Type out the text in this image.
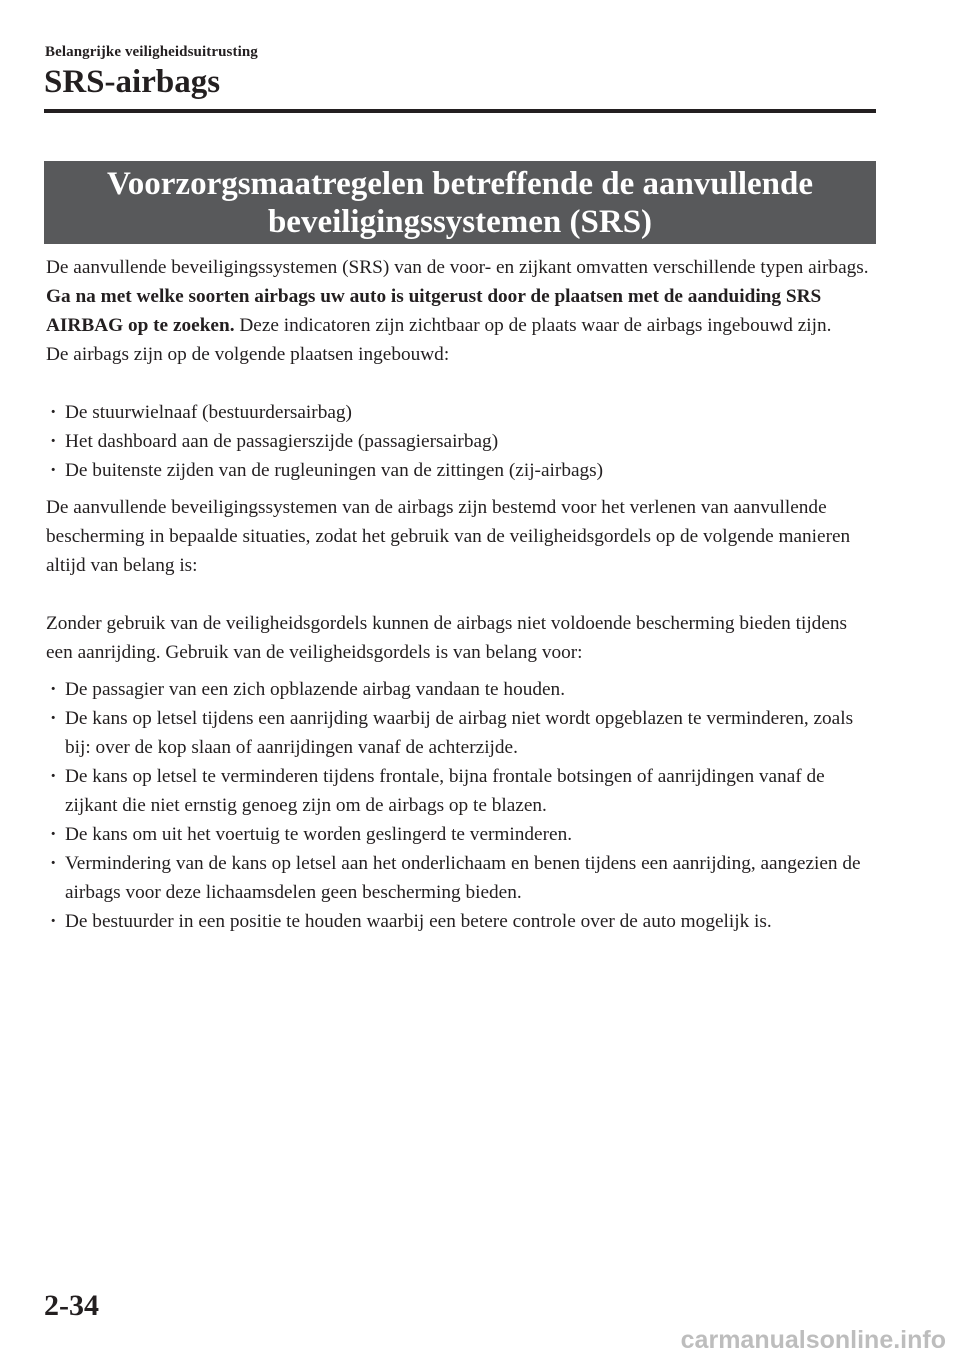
Belangrijke veiligheidsuitrusting
SRS-airbags
Voorzorgsmaatregelen betreffende de aanvullende
beveiligingssystemen (SRS)

De aanvullende beveiligingssystemen (SRS) van de voor- en zijkant omvatten verschillende typen airbags. Ga na met welke soorten airbags uw auto is uitgerust door de plaatsen met de aanduiding SRS AIRBAG op te zoeken. Deze indicatoren zijn zichtbaar op de plaats waar de airbags ingebouwd zijn.

De airbags zijn op de volgende plaatsen ingebouwd:

· De stuurwielnaaf (bestuurdersairbag)
· Het dashboard aan de passagierszijde (passagiersairbag)
· De buitenste zijden van de rugleuningen van de zittingen (zij-airbags)

De aanvullende beveiligingssystemen van de airbags zijn bestemd voor het verlenen van aanvullende bescherming in bepaalde situaties, zodat het gebruik van de veiligheidsgordels op de volgende manieren altijd van belang is:

Zonder gebruik van de veiligheidsgordels kunnen de airbags niet voldoende bescherming bieden tijdens een aanrijding. Gebruik van de veiligheidsgordels is van belang voor:

· De passagier van een zich opblazende airbag vandaan te houden.
· De kans op letsel tijdens een aanrijding waarbij de airbag niet wordt opgeblazen te verminderen, zoals bij: over de kop slaan of aanrijdingen vanaf de achterzijde.
· De kans op letsel te verminderen tijdens frontale, bijna frontale botsingen of aanrijdingen vanaf de zijkant die niet ernstig genoeg zijn om de airbags op te blazen.
· De kans om uit het voertuig te worden geslingerd te verminderen.
· Vermindering van de kans op letsel aan het onderlichaam en benen tijdens een aanrijding, aangezien de airbags voor deze lichaamsdelen geen bescherming bieden.
· De bestuurder in een positie te houden waarbij een betere controle over de auto mogelijk is.
2-34
carmanualsonline.info
